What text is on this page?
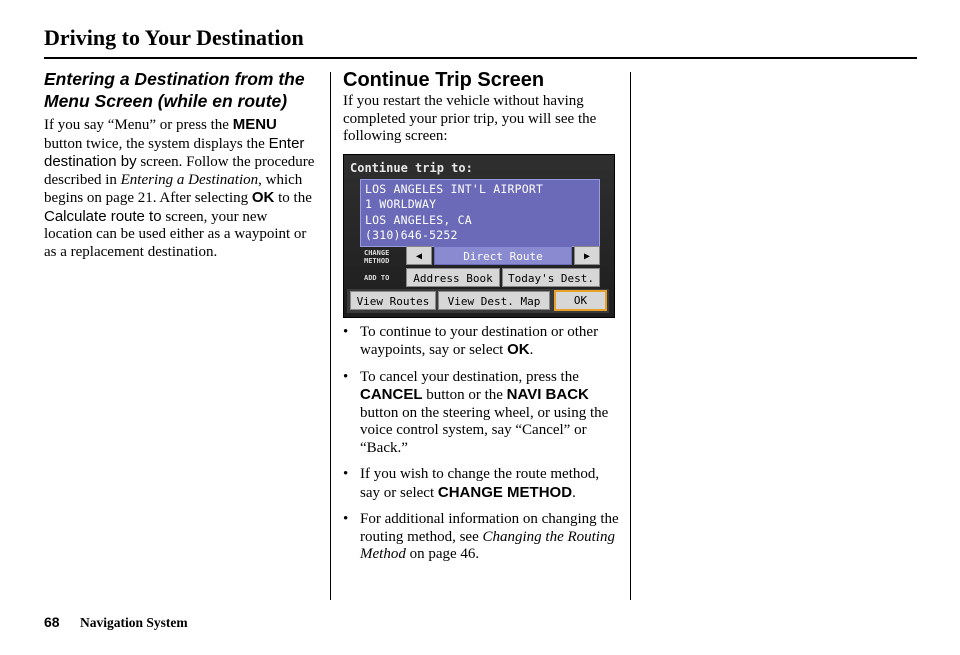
Driving to Your Destination
Entering a Destination from the Menu Screen (while en route)

If you say “Menu” or press the MENU button twice, the system displays the Enter destination by screen. Follow the procedure described in Entering a Destination, which begins on page 21. After selecting OK to the Calculate route to screen, your new location can be used either as a waypoint or as a replacement destination.

Continue Trip Screen

If you restart the vehicle without having completed your prior trip, you will see the following screen:

Continue trip to:
LOS ANGELES INT'L AIRPORT
1 WORLDWAY
LOS ANGELES, CA
(310)646-5252
CHANGE METHOD	◀	Direct Route	▶
ADD TO	Address Book	Today's Dest.
View Routes	View Dest. Map	OK
• To continue to your destination or other waypoints, say or select OK.
• To cancel your destination, press the CANCEL button or the NAVI BACK button on the steering wheel, or using the voice control system, say “Cancel” or “Back.”
• If you wish to change the route method, say or select CHANGE METHOD.
• For additional information on changing the routing method, see Changing the Routing Method on page 46.
68 Navigation System
